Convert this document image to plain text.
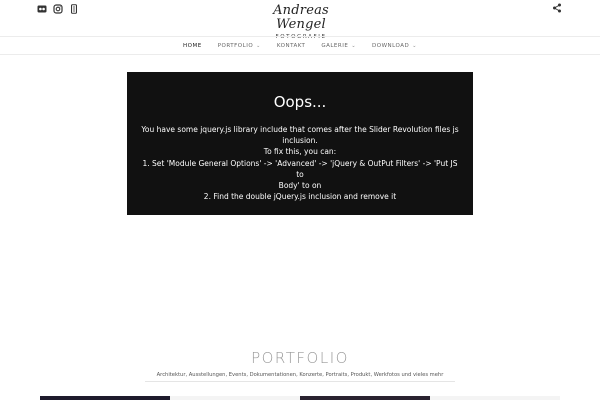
Andreas Wengel
FOTOGRAFIE
HOME	PORTFOLIO ⌄	KONTAKT	GALERIE ⌄	DOWNLOAD ⌄
Oops...
You have some jquery.js library include that comes after the Slider Revolution files js
inclusion.
To fix this, you can:
1. Set 'Module General Options' -> 'Advanced' -> 'jQuery & OutPut Filters' -> 'Put JS to
Body' to on
2. Find the double jQuery.js inclusion and remove it
PORTFOLIO
Architektur, Ausstellungen, Events, Dokumentationen, Konzerte, Portraits, Produkt, Werkfotos und vieles mehr
